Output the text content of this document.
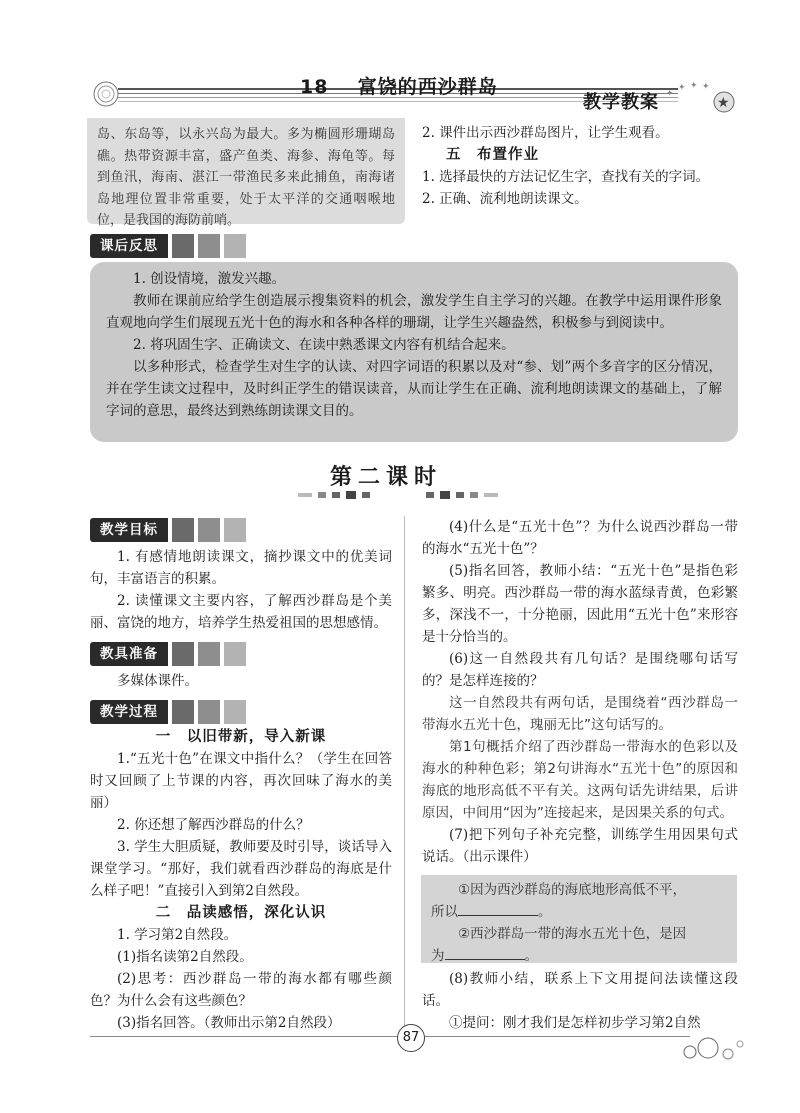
18 富饶的西沙群岛
教学教案 ✦
✦ ✦ ✦
★
岛、东岛等，以永兴岛为最大。多为椭圆形珊瑚岛礁。热带资源丰富，盛产鱼类、海参、海龟等。每到鱼汛，海南、湛江一带渔民多来此捕鱼，南海诸岛地理位置非常重要，处于太平洋的交通咽喉地位，是我国的海防前哨。
2. 课件出示西沙群岛图片，让学生观看。
五　布置作业
1. 选择最快的方法记忆生字，查找有关的字词。
2. 正确、流利地朗读课文。
课后反思
1. 创设情境，激发兴趣。
教师在课前应给学生创造展示搜集资料的机会，激发学生自主学习的兴趣。在教学中运用课件形象直观地向学生们展现五光十色的海水和各种各样的珊瑚，让学生兴趣盎然，积极参与到阅读中。
2. 将巩固生字、正确读文、在读中熟悉课文内容有机结合起来。
以多种形式，检查学生对生字的认读、对四字词语的积累以及对“参、划”两个多音字的区分情况，并在学生读文过程中，及时纠正学生的错误读音，从而让学生在正确、流利地朗读课文的基础上，了解字词的意思，最终达到熟练朗读课文目的。
第二课时
教学目标
1. 有感情地朗读课文，摘抄课文中的优美词句，丰富语言的积累。
2. 读懂课文主要内容，了解西沙群岛是个美丽、富饶的地方，培养学生热爱祖国的思想感情。
教具准备
多媒体课件。
教学过程
一　以旧带新，导入新课
1.“五光十色”在课文中指什么？（学生在回答时又回顾了上节课的内容，再次回味了海水的美丽）
2. 你还想了解西沙群岛的什么？
3. 学生大胆质疑，教师要及时引导，谈话导入课堂学习。“那好，我们就看西沙群岛的海底是什么样子吧！”直接引入到第2自然段。
二　品读感悟，深化认识
1. 学习第2自然段。
(1)指名读第2自然段。
(2)思考：西沙群岛一带的海水都有哪些颜色？为什么会有这些颜色？
(3)指名回答。（教师出示第2自然段）
(4)什么是“五光十色”？为什么说西沙群岛一带的海水“五光十色”？
(5)指名回答，教师小结：“五光十色”是指色彩繁多、明亮。西沙群岛一带的海水蓝绿青黄，色彩繁多，深浅不一，十分艳丽，因此用“五光十色”来形容是十分恰当的。
(6)这一自然段共有几句话？是围绕哪句话写的？是怎样连接的？
这一自然段共有两句话，是围绕着“西沙群岛一带海水五光十色，瑰丽无比”这句话写的。
第1句概括介绍了西沙群岛一带海水的色彩以及海水的种种色彩；第2句讲海水“五光十色”的原因和海底的地形高低不平有关。这两句话先讲结果，后讲原因，中间用“因为”连接起来，是因果关系的句式。
(7)把下列句子补充完整，训练学生用因果句式说话。（出示课件）
①因为西沙群岛的海底地形高低不平，
所以	。
②西沙群岛一带的海水五光十色，是因
为	。
(8)教师小结，联系上下文用提问法读懂这段话。
①提问：刚才我们是怎样初步学习第2自然
87
